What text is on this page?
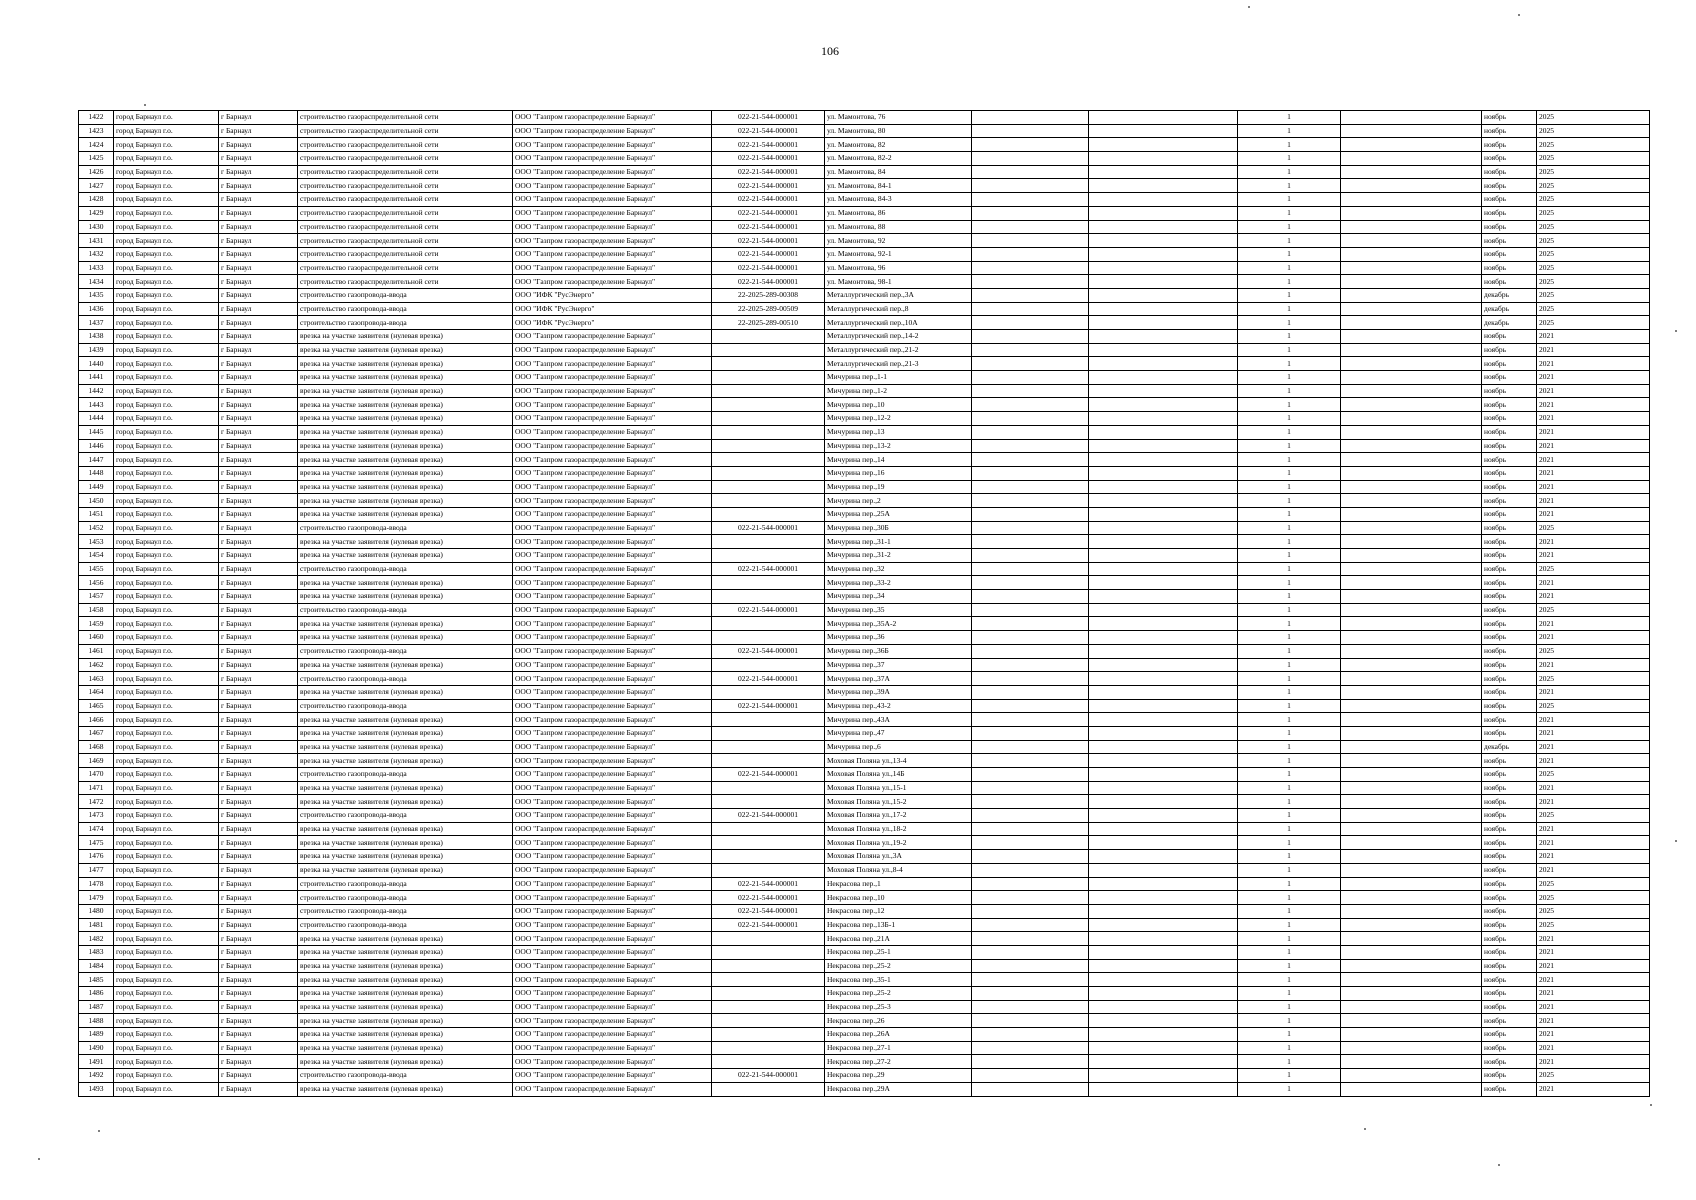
106
1422	город Барнаул г.о.	г Барнаул	строительство газораспределительной сети	ООО "Газпром газораспределение Барнаул"	022-21-544-000001	ул. Мамонтова, 76			1		ноябрь	2025
1423	город Барнаул г.о.	г Барнаул	строительство газораспределительной сети	ООО "Газпром газораспределение Барнаул"	022-21-544-000001	ул. Мамонтова, 80			1		ноябрь	2025
1424	город Барнаул г.о.	г Барнаул	строительство газораспределительной сети	ООО "Газпром газораспределение Барнаул"	022-21-544-000001	ул. Мамонтова, 82			1		ноябрь	2025
1425	город Барнаул г.о.	г Барнаул	строительство газораспределительной сети	ООО "Газпром газораспределение Барнаул"	022-21-544-000001	ул. Мамонтова, 82-2			1		ноябрь	2025
1426	город Барнаул г.о.	г Барнаул	строительство газораспределительной сети	ООО "Газпром газораспределение Барнаул"	022-21-544-000001	ул. Мамонтова, 84			1		ноябрь	2025
1427	город Барнаул г.о.	г Барнаул	строительство газораспределительной сети	ООО "Газпром газораспределение Барнаул"	022-21-544-000001	ул. Мамонтова, 84-1			1		ноябрь	2025
1428	город Барнаул г.о.	г Барнаул	строительство газораспределительной сети	ООО "Газпром газораспределение Барнаул"	022-21-544-000001	ул. Мамонтова, 84-3			1		ноябрь	2025
1429	город Барнаул г.о.	г Барнаул	строительство газораспределительной сети	ООО "Газпром газораспределение Барнаул"	022-21-544-000001	ул. Мамонтова, 86			1		ноябрь	2025
1430	город Барнаул г.о.	г Барнаул	строительство газораспределительной сети	ООО "Газпром газораспределение Барнаул"	022-21-544-000001	ул. Мамонтова, 88			1		ноябрь	2025
1431	город Барнаул г.о.	г Барнаул	строительство газораспределительной сети	ООО "Газпром газораспределение Барнаул"	022-21-544-000001	ул. Мамонтова, 92			1		ноябрь	2025
1432	город Барнаул г.о.	г Барнаул	строительство газораспределительной сети	ООО "Газпром газораспределение Барнаул"	022-21-544-000001	ул. Мамонтова, 92-1			1		ноябрь	2025
1433	город Барнаул г.о.	г Барнаул	строительство газораспределительной сети	ООО "Газпром газораспределение Барнаул"	022-21-544-000001	ул. Мамонтова, 96			1		ноябрь	2025
1434	город Барнаул г.о.	г Барнаул	строительство газораспределительной сети	ООО "Газпром газораспределение Барнаул"	022-21-544-000001	ул. Мамонтова, 98-1			1		ноябрь	2025
1435	город Барнаул г.о.	г Барнаул	строительство газопровода-ввода	ООО "ИФК "РусЭнерго"	22-2025-289-00308	Металлургический пер.,3А			1		декабрь	2025
1436	город Барнаул г.о.	г Барнаул	строительство газопровода-ввода	ООО "ИФК "РусЭнерго"	22-2025-289-00509	Металлургический пер.,8			1		декабрь	2025
1437	город Барнаул г.о.	г Барнаул	строительство газопровода-ввода	ООО "ИФК "РусЭнерго"	22-2025-289-00510	Металлургический пер.,10А			1		декабрь	2025
1438	город Барнаул г.о.	г Барнаул	врезка на участке заявителя (нулевая врезка)	ООО "Газпром газораспределение Барнаул"		Металлургический пер.,14-2			1		ноябрь	2021
1439	город Барнаул г.о.	г Барнаул	врезка на участке заявителя (нулевая врезка)	ООО "Газпром газораспределение Барнаул"		Металлургический пер.,21-2			1		ноябрь	2021
1440	город Барнаул г.о.	г Барнаул	врезка на участке заявителя (нулевая врезка)	ООО "Газпром газораспределение Барнаул"		Металлургический пер.,21-3			1		ноябрь	2021
1441	город Барнаул г.о.	г Барнаул	врезка на участке заявителя (нулевая врезка)	ООО "Газпром газораспределение Барнаул"		Мичурина пер.,1-1			1		ноябрь	2021
1442	город Барнаул г.о.	г Барнаул	врезка на участке заявителя (нулевая врезка)	ООО "Газпром газораспределение Барнаул"		Мичурина пер.,1-2			1		ноябрь	2021
1443	город Барнаул г.о.	г Барнаул	врезка на участке заявителя (нулевая врезка)	ООО "Газпром газораспределение Барнаул"		Мичурина пер.,10			1		ноябрь	2021
1444	город Барнаул г.о.	г Барнаул	врезка на участке заявителя (нулевая врезка)	ООО "Газпром газораспределение Барнаул"		Мичурина пер.,12-2			1		ноябрь	2021
1445	город Барнаул г.о.	г Барнаул	врезка на участке заявителя (нулевая врезка)	ООО "Газпром газораспределение Барнаул"		Мичурина пер.,13			1		ноябрь	2021
1446	город Барнаул г.о.	г Барнаул	врезка на участке заявителя (нулевая врезка)	ООО "Газпром газораспределение Барнаул"		Мичурина пер.,13-2			1		ноябрь	2021
1447	город Барнаул г.о.	г Барнаул	врезка на участке заявителя (нулевая врезка)	ООО "Газпром газораспределение Барнаул"		Мичурина пер.,14			1		ноябрь	2021
1448	город Барнаул г.о.	г Барнаул	врезка на участке заявителя (нулевая врезка)	ООО "Газпром газораспределение Барнаул"		Мичурина пер.,16			1		ноябрь	2021
1449	город Барнаул г.о.	г Барнаул	врезка на участке заявителя (нулевая врезка)	ООО "Газпром газораспределение Барнаул"		Мичурина пер.,19			1		ноябрь	2021
1450	город Барнаул г.о.	г Барнаул	врезка на участке заявителя (нулевая врезка)	ООО "Газпром газораспределение Барнаул"		Мичурина пер.,2			1		ноябрь	2021
1451	город Барнаул г.о.	г Барнаул	врезка на участке заявителя (нулевая врезка)	ООО "Газпром газораспределение Барнаул"		Мичурина пер.,25А			1		ноябрь	2021
1452	город Барнаул г.о.	г Барнаул	строительство газопровода-ввода	ООО "Газпром газораспределение Барнаул"	022-21-544-000001	Мичурина пер.,30Б			1		ноябрь	2025
1453	город Барнаул г.о.	г Барнаул	врезка на участке заявителя (нулевая врезка)	ООО "Газпром газораспределение Барнаул"		Мичурина пер.,31-1			1		ноябрь	2021
1454	город Барнаул г.о.	г Барнаул	врезка на участке заявителя (нулевая врезка)	ООО "Газпром газораспределение Барнаул"		Мичурина пер.,31-2			1		ноябрь	2021
1455	город Барнаул г.о.	г Барнаул	строительство газопровода-ввода	ООО "Газпром газораспределение Барнаул"	022-21-544-000001	Мичурина пер.,32			1		ноябрь	2025
1456	город Барнаул г.о.	г Барнаул	врезка на участке заявителя (нулевая врезка)	ООО "Газпром газораспределение Барнаул"		Мичурина пер.,33-2			1		ноябрь	2021
1457	город Барнаул г.о.	г Барнаул	врезка на участке заявителя (нулевая врезка)	ООО "Газпром газораспределение Барнаул"		Мичурина пер.,34			1		ноябрь	2021
1458	город Барнаул г.о.	г Барнаул	строительство газопровода-ввода	ООО "Газпром газораспределение Барнаул"	022-21-544-000001	Мичурина пер.,35			1		ноябрь	2025
1459	город Барнаул г.о.	г Барнаул	врезка на участке заявителя (нулевая врезка)	ООО "Газпром газораспределение Барнаул"		Мичурина пер.,35А-2			1		ноябрь	2021
1460	город Барнаул г.о.	г Барнаул	врезка на участке заявителя (нулевая врезка)	ООО "Газпром газораспределение Барнаул"		Мичурина пер.,36			1		ноябрь	2021
1461	город Барнаул г.о.	г Барнаул	строительство газопровода-ввода	ООО "Газпром газораспределение Барнаул"	022-21-544-000001	Мичурина пер.,36Б			1		ноябрь	2025
1462	город Барнаул г.о.	г Барнаул	врезка на участке заявителя (нулевая врезка)	ООО "Газпром газораспределение Барнаул"		Мичурина пер.,37			1		ноябрь	2021
1463	город Барнаул г.о.	г Барнаул	строительство газопровода-ввода	ООО "Газпром газораспределение Барнаул"	022-21-544-000001	Мичурина пер.,37А			1		ноябрь	2025
1464	город Барнаул г.о.	г Барнаул	врезка на участке заявителя (нулевая врезка)	ООО "Газпром газораспределение Барнаул"		Мичурина пер.,39А			1		ноябрь	2021
1465	город Барнаул г.о.	г Барнаул	строительство газопровода-ввода	ООО "Газпром газораспределение Барнаул"	022-21-544-000001	Мичурина пер.,43-2			1		ноябрь	2025
1466	город Барнаул г.о.	г Барнаул	врезка на участке заявителя (нулевая врезка)	ООО "Газпром газораспределение Барнаул"		Мичурина пер.,43А			1		ноябрь	2021
1467	город Барнаул г.о.	г Барнаул	врезка на участке заявителя (нулевая врезка)	ООО "Газпром газораспределение Барнаул"		Мичурина пер.,47			1		ноябрь	2021
1468	город Барнаул г.о.	г Барнаул	врезка на участке заявителя (нулевая врезка)	ООО "Газпром газораспределение Барнаул"		Мичурина пер.,6			1		декабрь	2021
1469	город Барнаул г.о.	г Барнаул	врезка на участке заявителя (нулевая врезка)	ООО "Газпром газораспределение Барнаул"		Моховая Поляна ул.,13-4			1		ноябрь	2021
1470	город Барнаул г.о.	г Барнаул	строительство газопровода-ввода	ООО "Газпром газораспределение Барнаул"	022-21-544-000001	Моховая Поляна ул.,14Б			1		ноябрь	2025
1471	город Барнаул г.о.	г Барнаул	врезка на участке заявителя (нулевая врезка)	ООО "Газпром газораспределение Барнаул"		Моховая Поляна ул.,15-1			1		ноябрь	2021
1472	город Барнаул г.о.	г Барнаул	врезка на участке заявителя (нулевая врезка)	ООО "Газпром газораспределение Барнаул"		Моховая Поляна ул.,15-2			1		ноябрь	2021
1473	город Барнаул г.о.	г Барнаул	строительство газопровода-ввода	ООО "Газпром газораспределение Барнаул"	022-21-544-000001	Моховая Поляна ул.,17-2			1		ноябрь	2025
1474	город Барнаул г.о.	г Барнаул	врезка на участке заявителя (нулевая врезка)	ООО "Газпром газораспределение Барнаул"		Моховая Поляна ул.,18-2			1		ноябрь	2021
1475	город Барнаул г.о.	г Барнаул	врезка на участке заявителя (нулевая врезка)	ООО "Газпром газораспределение Барнаул"		Моховая Поляна ул.,19-2			1		ноябрь	2021
1476	город Барнаул г.о.	г Барнаул	врезка на участке заявителя (нулевая врезка)	ООО "Газпром газораспределение Барнаул"		Моховая Поляна ул.,3А			1		ноябрь	2021
1477	город Барнаул г.о.	г Барнаул	врезка на участке заявителя (нулевая врезка)	ООО "Газпром газораспределение Барнаул"		Моховая Поляна ул.,8-4			1		ноябрь	2021
1478	город Барнаул г.о.	г Барнаул	строительство газопровода-ввода	ООО "Газпром газораспределение Барнаул"	022-21-544-000001	Некрасова пер.,1			1		ноябрь	2025
1479	город Барнаул г.о.	г Барнаул	строительство газопровода-ввода	ООО "Газпром газораспределение Барнаул"	022-21-544-000001	Некрасова пер.,10			1		ноябрь	2025
1480	город Барнаул г.о.	г Барнаул	строительство газопровода-ввода	ООО "Газпром газораспределение Барнаул"	022-21-544-000001	Некрасова пер.,12			1		ноябрь	2025
1481	город Барнаул г.о.	г Барнаул	строительство газопровода-ввода	ООО "Газпром газораспределение Барнаул"	022-21-544-000001	Некрасова пер.,13Б-1			1		ноябрь	2025
1482	город Барнаул г.о.	г Барнаул	врезка на участке заявителя (нулевая врезка)	ООО "Газпром газораспределение Барнаул"		Некрасова пер.,21А			1		ноябрь	2021
1483	город Барнаул г.о.	г Барнаул	врезка на участке заявителя (нулевая врезка)	ООО "Газпром газораспределение Барнаул"		Некрасова пер.,25-1			1		ноябрь	2021
1484	город Барнаул г.о.	г Барнаул	врезка на участке заявителя (нулевая врезка)	ООО "Газпром газораспределение Барнаул"		Некрасова пер.,25-2			1		ноябрь	2021
1485	город Барнаул г.о.	г Барнаул	врезка на участке заявителя (нулевая врезка)	ООО "Газпром газораспределение Барнаул"		Некрасова пер.,35-1			1		ноябрь	2021
1486	город Барнаул г.о.	г Барнаул	врезка на участке заявителя (нулевая врезка)	ООО "Газпром газораспределение Барнаул"		Некрасова пер.,25-2			1		ноябрь	2021
1487	город Барнаул г.о.	г Барнаул	врезка на участке заявителя (нулевая врезка)	ООО "Газпром газораспределение Барнаул"		Некрасова пер.,25-3			1		ноябрь	2021
1488	город Барнаул г.о.	г Барнаул	врезка на участке заявителя (нулевая врезка)	ООО "Газпром газораспределение Барнаул"		Некрасова пер.,26			1		ноябрь	2021
1489	город Барнаул г.о.	г Барнаул	врезка на участке заявителя (нулевая врезка)	ООО "Газпром газораспределение Барнаул"		Некрасова пер.,26А			1		ноябрь	2021
1490	город Барнаул г.о.	г Барнаул	врезка на участке заявителя (нулевая врезка)	ООО "Газпром газораспределение Барнаул"		Некрасова пер.,27-1			1		ноябрь	2021
1491	город Барнаул г.о.	г Барнаул	врезка на участке заявителя (нулевая врезка)	ООО "Газпром газораспределение Барнаул"		Некрасова пер.,27-2			1		ноябрь	2021
1492	город Барнаул г.о.	г Барнаул	строительство газопровода-ввода	ООО "Газпром газораспределение Барнаул"	022-21-544-000001	Некрасова пер.,29			1		ноябрь	2025
1493	город Барнаул г.о.	г Барнаул	врезка на участке заявителя (нулевая врезка)	ООО "Газпром газораспределение Барнаул"		Некрасова пер.,29А			1		ноябрь	2021
